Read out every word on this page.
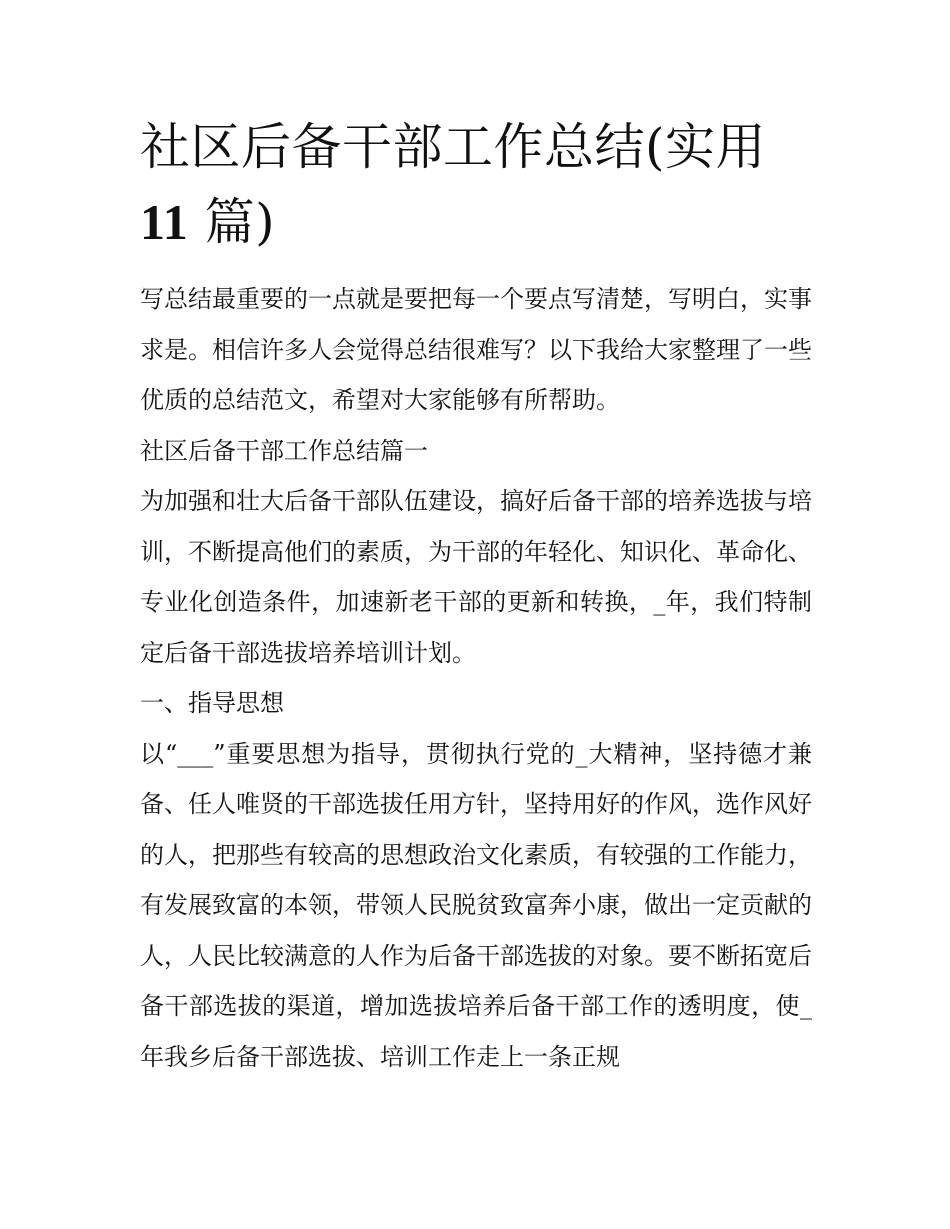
社区后备干部工作总结(实用
11 篇)

写总结最重要的一点就是要把每一个要点写清楚，写明白，实事求是。相信许多人会觉得总结很难写？以下我给大家整理了一些优质的总结范文，希望对大家能够有所帮助。

社区后备干部工作总结篇一

为加强和壮大后备干部队伍建设，搞好后备干部的培养选拔与培训，不断提高他们的素质，为干部的年轻化、知识化、革命化、专业化创造条件，加速新老干部的更新和转换，_年，我们特制定后备干部选拔培养培训计划。

一、指导思想

以“___”重要思想为指导，贯彻执行党的_大精神，坚持德才兼备、任人唯贤的干部选拔任用方针，坚持用好的作风，选作风好的人，把那些有较高的思想政治文化素质，有较强的工作能力，有发展致富的本领，带领人民脱贫致富奔小康，做出一定贡献的人，人民比较满意的人作为后备干部选拔的对象。要不断拓宽后备干部选拔的渠道，增加选拔培养后备干部工作的透明度，使_年我乡后备干部选拔、培训工作走上一条正规
